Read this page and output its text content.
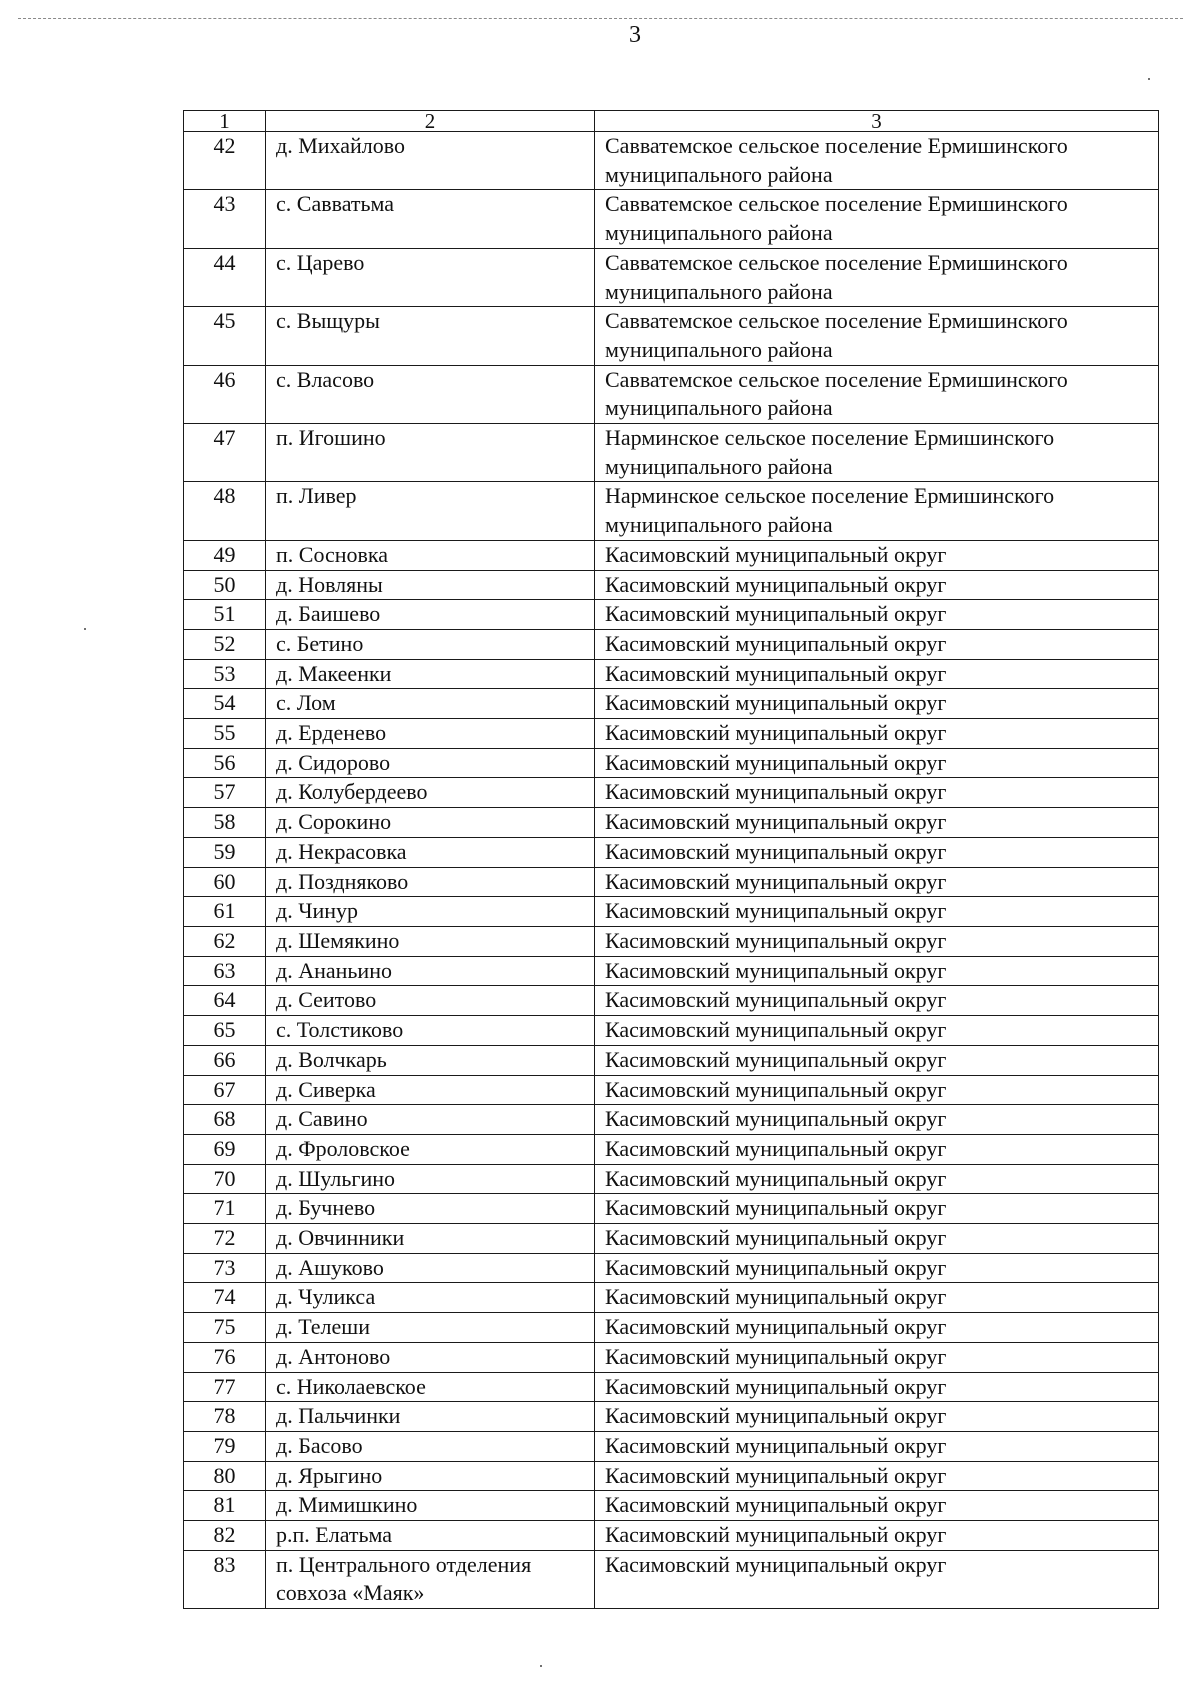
3
1	2	3
42	д. Михайлово	Савватемское сельское поселение Ермишинского муниципального района
43	с. Савватьма	Савватемское сельское поселение Ермишинского муниципального района
44	с. Царево	Савватемское сельское поселение Ермишинского муниципального района
45	с. Выщуры	Савватемское сельское поселение Ермишинского муниципального района
46	с. Власово	Савватемское сельское поселение Ермишинского муниципального района
47	п. Игошино	Нарминское сельское поселение Ермишинского муниципального района
48	п. Ливер	Нарминское сельское поселение Ермишинского муниципального района
49	п. Сосновка	Касимовский муниципальный округ
50	д. Новляны	Касимовский муниципальный округ
51	д. Баишево	Касимовский муниципальный округ
52	с. Бетино	Касимовский муниципальный округ
53	д. Макеенки	Касимовский муниципальный округ
54	с. Лом	Касимовский муниципальный округ
55	д. Ерденево	Касимовский муниципальный округ
56	д. Сидорово	Касимовский муниципальный округ
57	д. Колубердеево	Касимовский муниципальный округ
58	д. Сорокино	Касимовский муниципальный округ
59	д. Некрасовка	Касимовский муниципальный округ
60	д. Поздняково	Касимовский муниципальный округ
61	д. Чинур	Касимовский муниципальный округ
62	д. Шемякино	Касимовский муниципальный округ
63	д. Ананьино	Касимовский муниципальный округ
64	д. Сеитово	Касимовский муниципальный округ
65	с. Толстиково	Касимовский муниципальный округ
66	д. Волчкарь	Касимовский муниципальный округ
67	д. Сиверка	Касимовский муниципальный округ
68	д. Савино	Касимовский муниципальный округ
69	д. Фроловское	Касимовский муниципальный округ
70	д. Шульгино	Касимовский муниципальный округ
71	д. Бучнево	Касимовский муниципальный округ
72	д. Овчинники	Касимовский муниципальный округ
73	д. Ашуково	Касимовский муниципальный округ
74	д. Чуликса	Касимовский муниципальный округ
75	д. Телеши	Касимовский муниципальный округ
76	д. Антоново	Касимовский муниципальный округ
77	с. Николаевское	Касимовский муниципальный округ
78	д. Пальчинки	Касимовский муниципальный округ
79	д. Басово	Касимовский муниципальный округ
80	д. Ярыгино	Касимовский муниципальный округ
81	д. Мимишкино	Касимовский муниципальный округ
82	р.п. Елатьма	Касимовский муниципальный округ
83	п. Центрального отделения совхоза «Маяк»	Касимовский муниципальный округ
